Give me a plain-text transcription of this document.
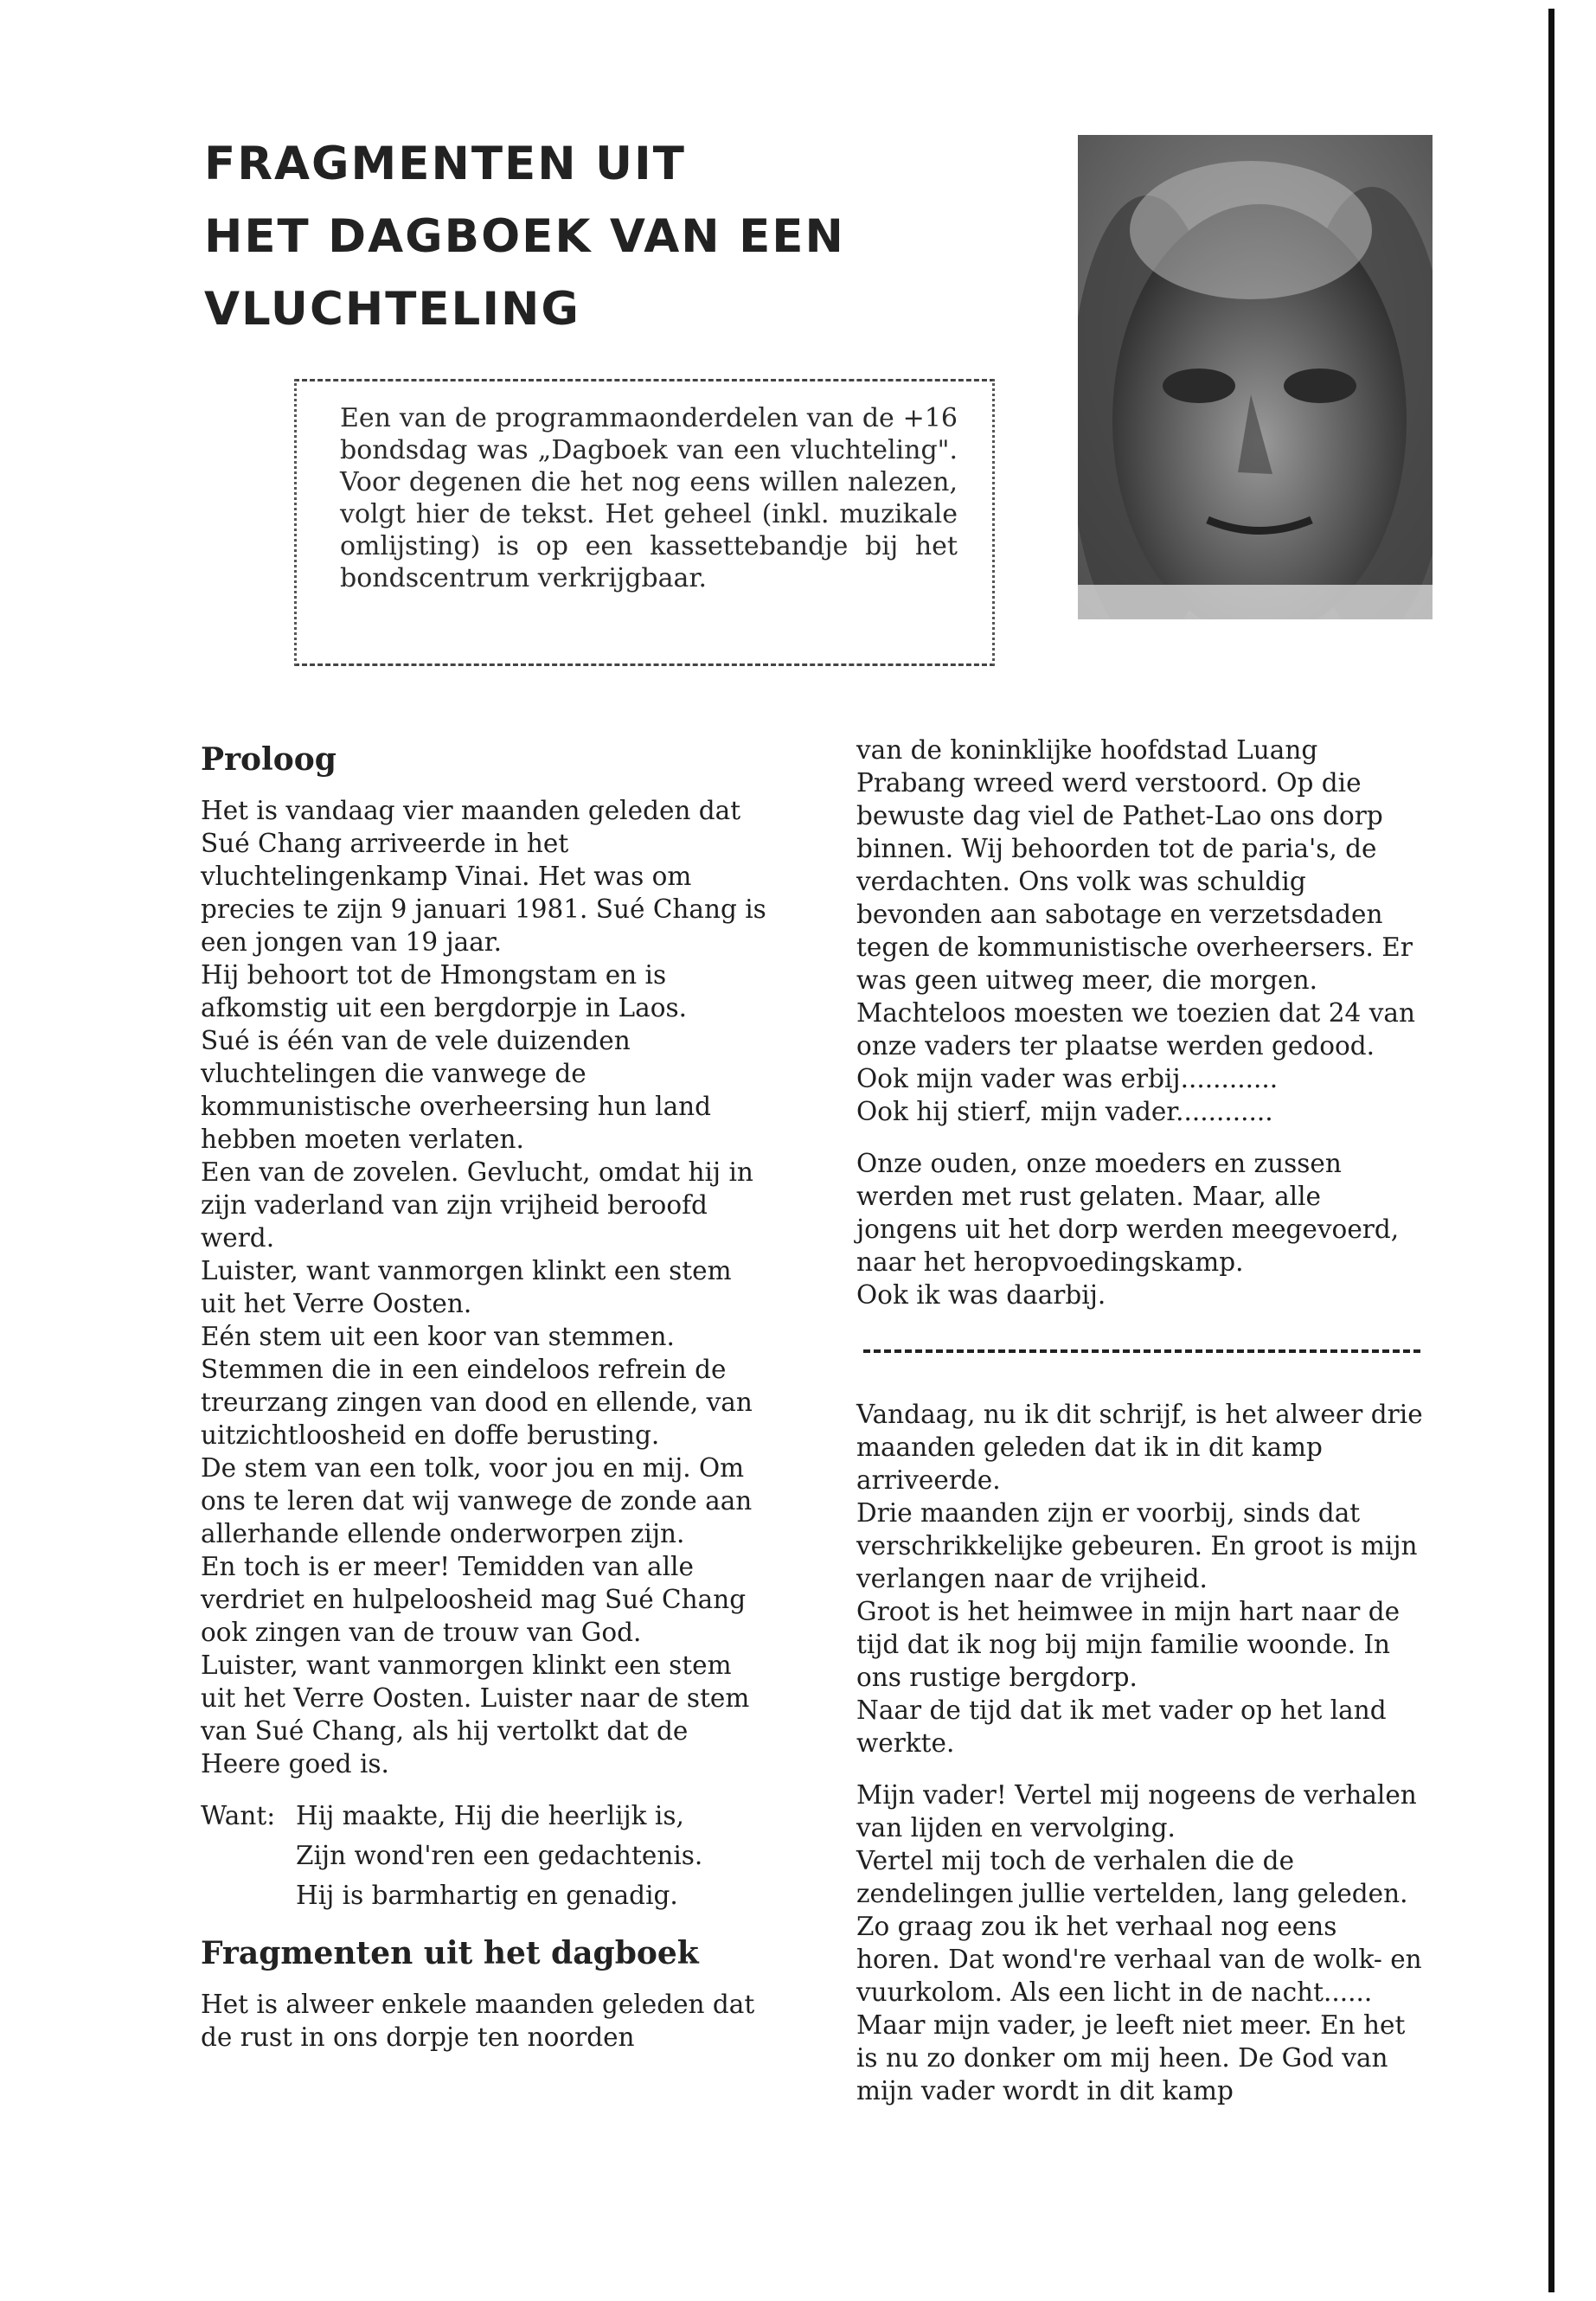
FRAGMENTEN UIT
HET DAGBOEK VAN EEN
VLUCHTELING

Een van de programmaonderdelen van de +16 bondsdag was „Dagboek van een vluchteling". Voor degenen die het nog eens willen nalezen, volgt hier de tekst. Het geheel (inkl. muzikale omlijsting) is op een kassettebandje bij het bondscentrum verkrijgbaar.

Proloog

Het is vandaag vier maanden geleden dat Sué Chang arriveerde in het vluchtelingenkamp Vinai. Het was om precies te zijn 9 januari 1981. Sué Chang is een jongen van 19 jaar.

Hij behoort tot de Hmongstam en is afkomstig uit een bergdorpje in Laos.

Sué is één van de vele duizenden vluchtelingen die vanwege de kommunistische overheersing hun land hebben moeten verlaten.

Een van de zovelen. Gevlucht, omdat hij in zijn vaderland van zijn vrijheid beroofd werd.

Luister, want vanmorgen klinkt een stem uit het Verre Oosten.

Eén stem uit een koor van stemmen. Stemmen die in een eindeloos refrein de treurzang zingen van dood en ellende, van uitzichtloosheid en doffe berusting.

De stem van een tolk, voor jou en mij. Om ons te leren dat wij vanwege de zonde aan allerhande ellende onderworpen zijn.

En toch is er meer! Temidden van alle verdriet en hulpeloosheid mag Sué Chang ook zingen van de trouw van God.

Luister, want vanmorgen klinkt een stem uit het Verre Oosten. Luister naar de stem van Sué Chang, als hij vertolkt dat de Heere goed is.

Want: Hij maakte, Hij die heerlijk is,
Zijn wond'ren een gedachtenis.
Hij is barmhartig en genadig.
Fragmenten uit het dagboek

Het is alweer enkele maanden geleden dat de rust in ons dorpje ten noorden

van de koninklijke hoofdstad Luang Prabang wreed werd verstoord. Op die bewuste dag viel de Pathet-Lao ons dorp binnen. Wij behoorden tot de paria's, de verdachten. Ons volk was schuldig bevonden aan sabotage en verzetsdaden tegen de kommunistische overheersers. Er was geen uitweg meer, die morgen. Machteloos moesten we toezien dat 24 van onze vaders ter plaatse werden gedood. Ook mijn vader was erbij............

Ook hij stierf, mijn vader............

Onze ouden, onze moeders en zussen werden met rust gelaten. Maar, alle jongens uit het dorp werden meegevoerd, naar het heropvoedingskamp.

Ook ik was daarbij.

Vandaag, nu ik dit schrijf, is het alweer drie maanden geleden dat ik in dit kamp arriveerde.

Drie maanden zijn er voorbij, sinds dat verschrikkelijke gebeuren. En groot is mijn verlangen naar de vrijheid.

Groot is het heimwee in mijn hart naar de tijd dat ik nog bij mijn familie woonde. In ons rustige bergdorp.

Naar de tijd dat ik met vader op het land werkte.

Mijn vader! Vertel mij nogeens de verhalen van lijden en vervolging.

Vertel mij toch de verhalen die de zendelingen jullie vertelden, lang geleden. Zo graag zou ik het verhaal nog eens horen. Dat wond're verhaal van de wolk- en vuurkolom. Als een licht in de nacht......

Maar mijn vader, je leeft niet meer. En het is nu zo donker om mij heen. De God van mijn vader wordt in dit kamp
